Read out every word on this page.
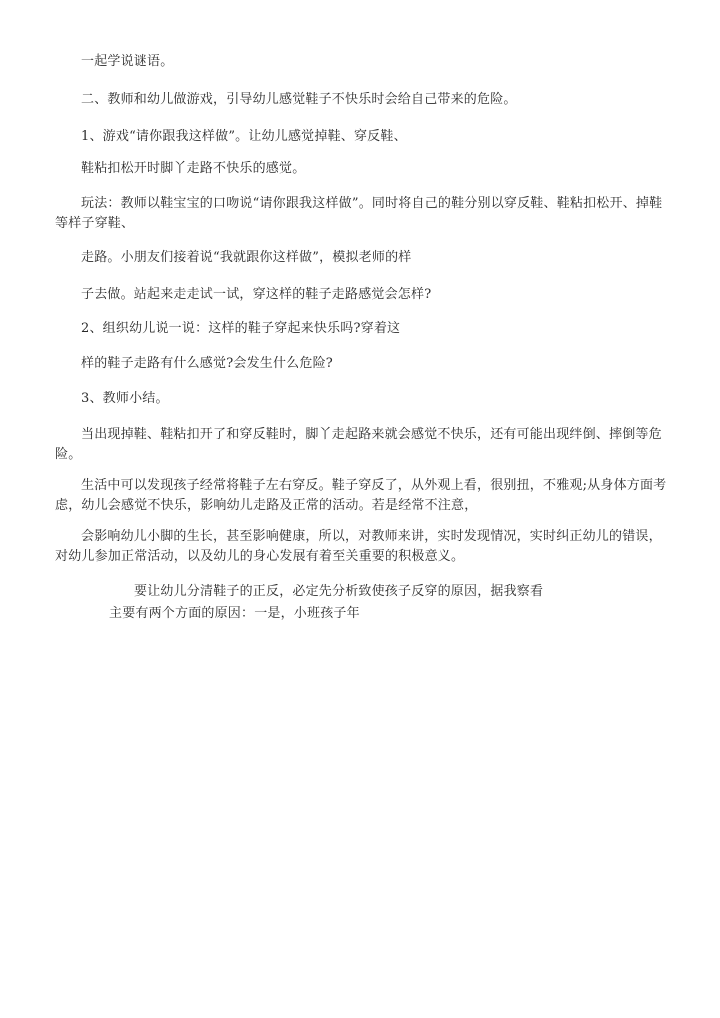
一起学说谜语。
二、教师和幼儿做游戏，引导幼儿感觉鞋子不快乐时会给自己带来的危险。
1、游戏“请你跟我这样做”。让幼儿感觉掉鞋、穿反鞋、
鞋粘扣松开时脚丫走路不快乐的感觉。
玩法：教师以鞋宝宝的口吻说“请你跟我这样做”。同时将自己的鞋分别以穿反鞋、鞋粘扣松开、掉鞋等样子穿鞋、
走路。小朋友们接着说“我就跟你这样做”，模拟老师的样
子去做。站起来走走试一试，穿这样的鞋子走路感觉会怎样?
2、组织幼儿说一说：这样的鞋子穿起来快乐吗?穿着这
样的鞋子走路有什么感觉?会发生什么危险?
3、教师小结。
当出现掉鞋、鞋粘扣开了和穿反鞋时，脚丫走起路来就会感觉不快乐，还有可能出现绊倒、摔倒等危险。
生活中可以发现孩子经常将鞋子左右穿反。鞋子穿反了，从外观上看，很别扭，不雅观;从身体方面考虑，幼儿会感觉不快乐，影响幼儿走路及正常的活动。若是经常不注意，
会影响幼儿小脚的生长，甚至影响健康，所以，对教师来讲，实时发现情况，实时纠正幼儿的错误，对幼儿参加正常活动，以及幼儿的身心发展有着至关重要的积极意义。
要让幼儿分清鞋子的正反，必定先分析致使孩子反穿的原因，据我察看
主要有两个方面的原因：一是，小班孩子年
